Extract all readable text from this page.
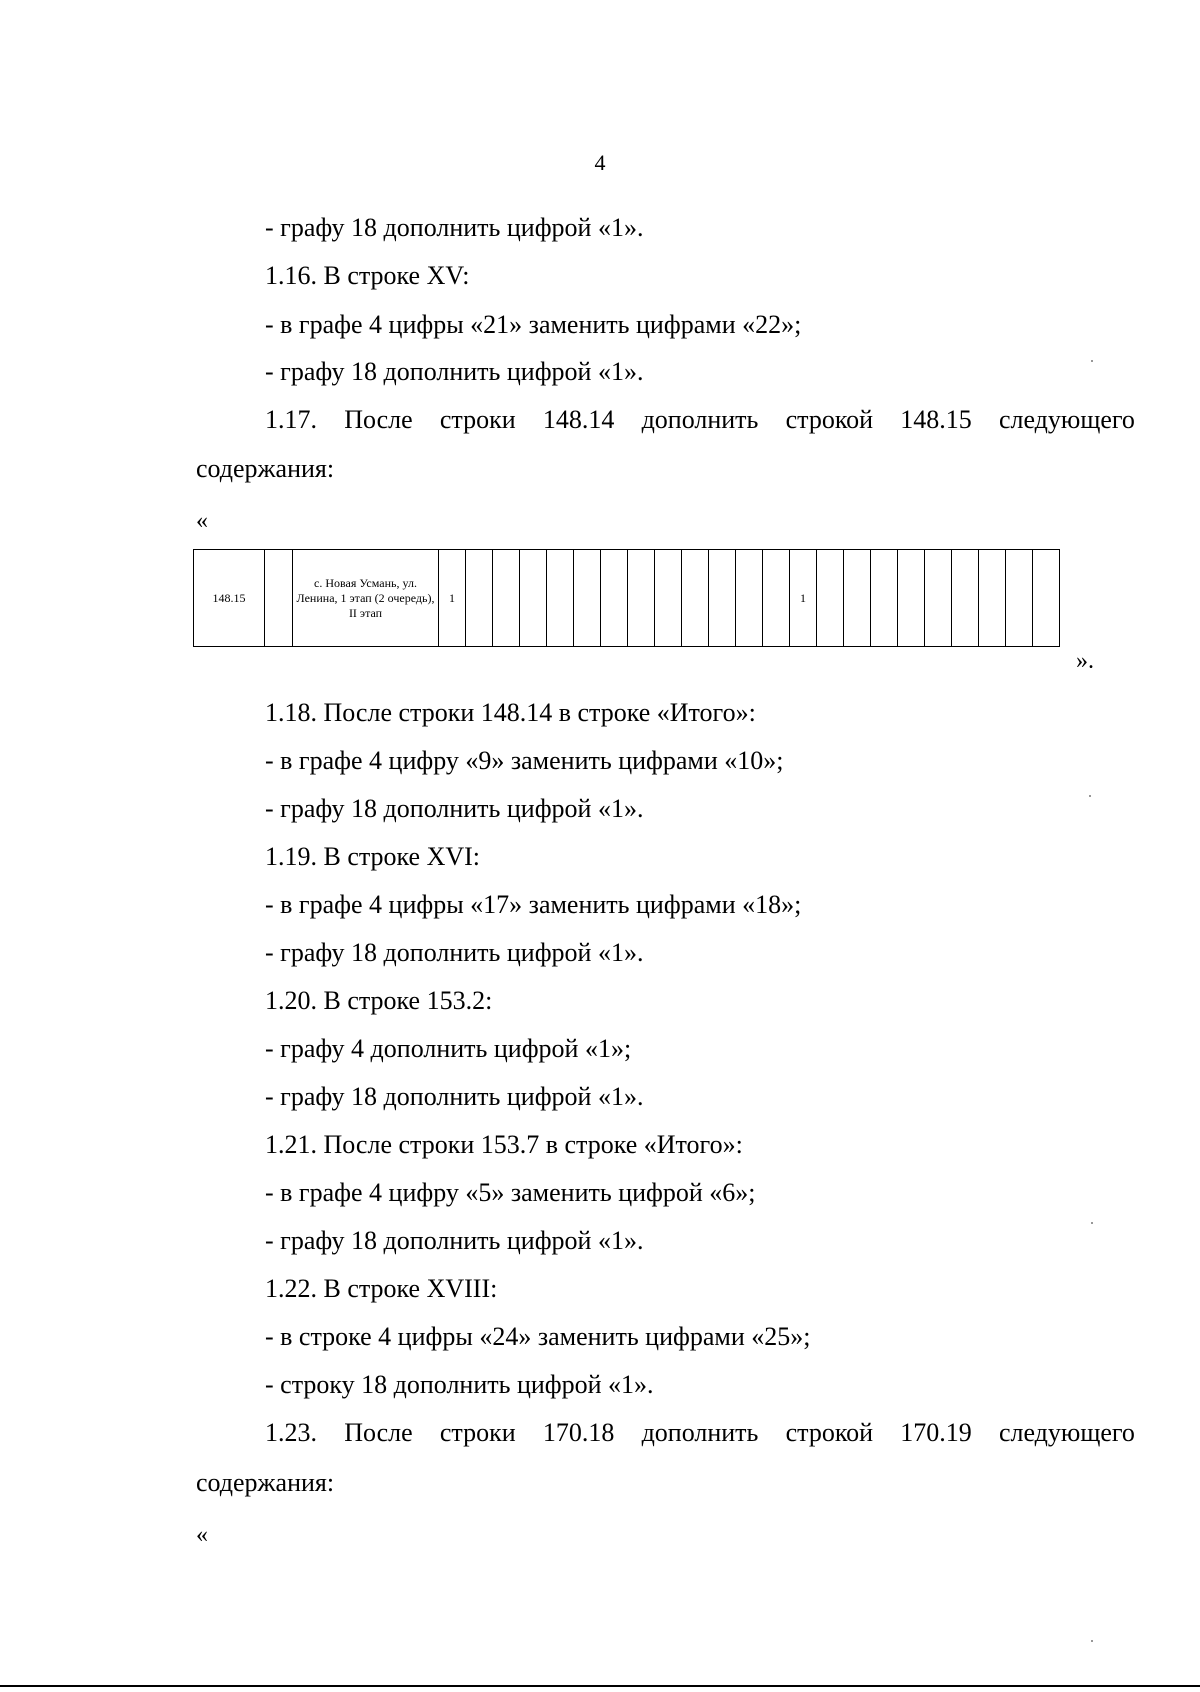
4
- графу 18 дополнить цифрой «1».
1.16. В строке XV:
- в графе 4 цифры «21» заменить цифрами «22»;
- графу 18 дополнить цифрой «1».
1.17. После строки 148.14 дополнить строкой 148.15 следующего
содержания:
«
148.15		с. Новая Усмань, ул. Ленина, 1 этап (2 очередь), II этап	1													1									
».
1.18. После строки 148.14 в строке «Итого»:
- в графе 4 цифру «9» заменить цифрами «10»;
- графу 18 дополнить цифрой «1».
1.19. В строке XVI:
- в графе 4 цифры «17» заменить цифрами «18»;
- графу 18 дополнить цифрой «1».
1.20. В строке 153.2:
- графу 4 дополнить цифрой «1»;
- графу 18 дополнить цифрой «1».
1.21. После строки 153.7 в строке «Итого»:
- в графе 4 цифру «5» заменить цифрой «6»;
- графу 18 дополнить цифрой «1».
1.22. В строке XVIII:
- в строке 4 цифры «24» заменить цифрами «25»;
- строку 18 дополнить цифрой «1».
1.23. После строки 170.18 дополнить строкой 170.19 следующего
содержания:
«
